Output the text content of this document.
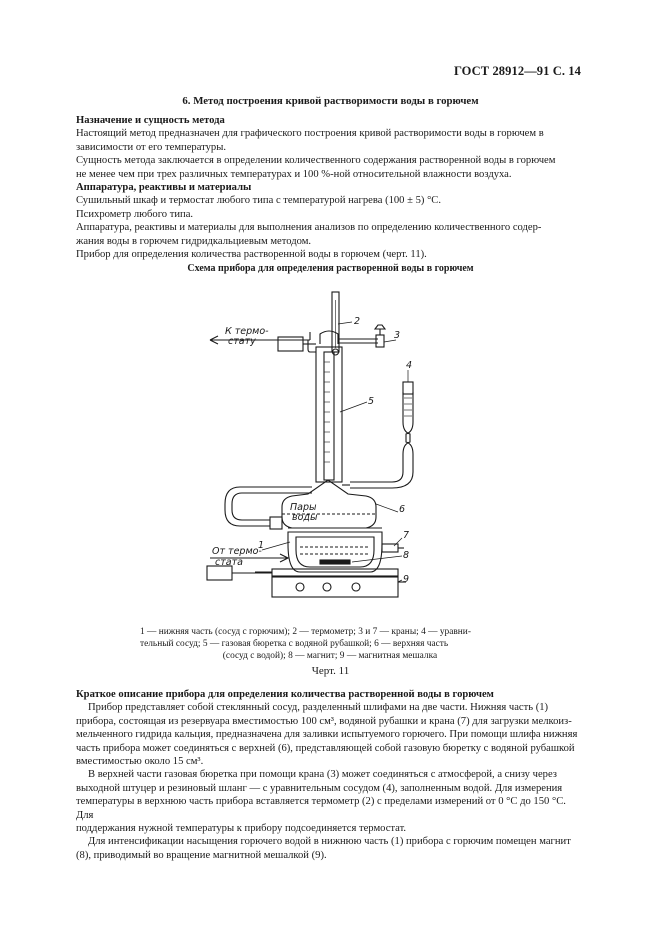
ГОСТ 28912—91 С. 14
6. Метод построения кривой растворимости воды в горючем

Назначение и сущность метода

Настоящий метод предназначен для графического построения кривой растворимости воды в горючем в

зависимости от его температуры.

Сущность метода заключается в определении количественного содержания растворенной воды в горючем

не менее чем при трех различных температурах и 100 %-ной относительной влажности воздуха.

Аппаратура, реактивы и материалы

Сушильный шкаф и термостат любого типа с температурой нагрева (100 ± 5) °С.

Психрометр любого типа.

Аппаратура, реактивы и материалы для выполнения анализов по определению количественного содер-

жания воды в горючем гидридкальциевым методом.

Прибор для определения количества растворенной воды в горючем (черт. 11).

Схема прибора для определения растворенной воды в горючем
К термо-
стату
От термо-
стата
Пары
воды
2
3
4
5
6
7
8
9
1
1 — нижняя часть (сосуд с горючим); 2 — термометр; 3 и 7 — краны; 4 — уравни-
тельный сосуд; 5 — газовая бюретка с водяной рубашкой; 6 — верхняя часть
(сосуд с водой); 8 — магнит; 9 — магнитная мешалка
Черт. 11

Краткое описание прибора для определения количества растворенной воды в горючем

Прибор представляет собой стеклянный сосуд, разделенный шлифами на две части. Нижняя часть (1)

прибора, состоящая из резервуара вместимостью 100 см³, водяной рубашки и крана (7) для загрузки мелкоиз-

мельченного гидрида кальция, предназначена для заливки испытуемого горючего. При помощи шлифа нижняя

часть прибора может соединяться с верхней (6), представляющей собой газовую бюретку с водяной рубашкой

вместимостью около 15 см³.

В верхней части газовая бюретка при помощи крана (3) может соединяться с атмосферой, а снизу через

выходной штуцер и резиновый шланг — с уравнительным сосудом (4), заполненным водой. Для измерения

температуры в верхнюю часть прибора вставляется термометр (2) с пределами измерений от 0 °С до 150 °С. Для

поддержания нужной температуры к прибору подсоединяется термостат.

Для интенсификации насыщения горючего водой в нижнюю часть (1) прибора с горючим помещен магнит

(8), приводимый во вращение магнитной мешалкой (9).
